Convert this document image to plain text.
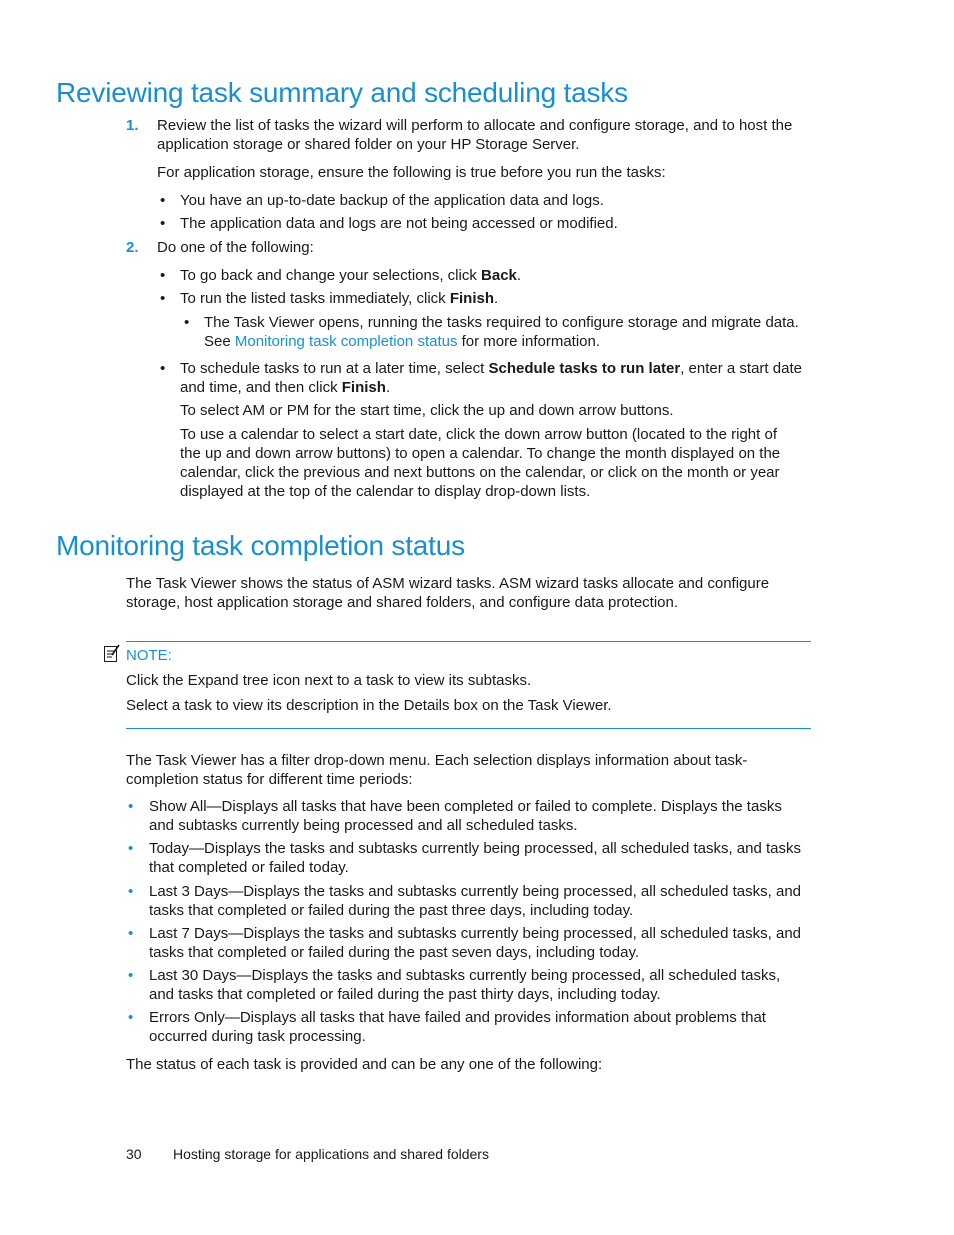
Reviewing task summary and scheduling tasks
1. Review the list of tasks the wizard will perform to allocate and configure storage, and to host the application storage or shared folder on your HP Storage Server.

For application storage, ensure the following is true before you run the tasks:

• You have an up-to-date backup of the application data and logs.

• The application data and logs are not being accessed or modified.

2. Do one of the following:

• To go back and change your selections, click Back.

• To run the listed tasks immediately, click Finish.

• The Task Viewer opens, running the tasks required to configure storage and migrate data.
See Monitoring task completion status for more information.

• To schedule tasks to run at a later time, select Schedule tasks to run later, enter a start date and time, and then click Finish.

To select AM or PM for the start time, click the up and down arrow buttons.

To use a calendar to select a start date, click the down arrow button (located to the right of the up and down arrow buttons) to open a calendar. To change the month displayed on the calendar, click the previous and next buttons on the calendar, or click on the month or year displayed at the top of the calendar to display drop-down lists.

Monitoring task completion status

The Task Viewer shows the status of ASM wizard tasks. ASM wizard tasks allocate and configure storage, host application storage and shared folders, and configure data protection.

NOTE:

Click the Expand tree icon next to a task to view its subtasks.

Select a task to view its description in the Details box on the Task Viewer.

The Task Viewer has a filter drop-down menu. Each selection displays information about task-completion status for different time periods:

• Show All—Displays all tasks that have been completed or failed to complete. Displays the tasks and subtasks currently being processed and all scheduled tasks.

• Today—Displays the tasks and subtasks currently being processed, all scheduled tasks, and tasks that completed or failed today.

• Last 3 Days—Displays the tasks and subtasks currently being processed, all scheduled tasks, and tasks that completed or failed during the past three days, including today.

• Last 7 Days—Displays the tasks and subtasks currently being processed, all scheduled tasks, and tasks that completed or failed during the past seven days, including today.

• Last 30 Days—Displays the tasks and subtasks currently being processed, all scheduled tasks, and tasks that completed or failed during the past thirty days, including today.

• Errors Only—Displays all tasks that have failed and provides information about problems that occurred during task processing.

The status of each task is provided and can be any one of the following:

30 Hosting storage for applications and shared folders
